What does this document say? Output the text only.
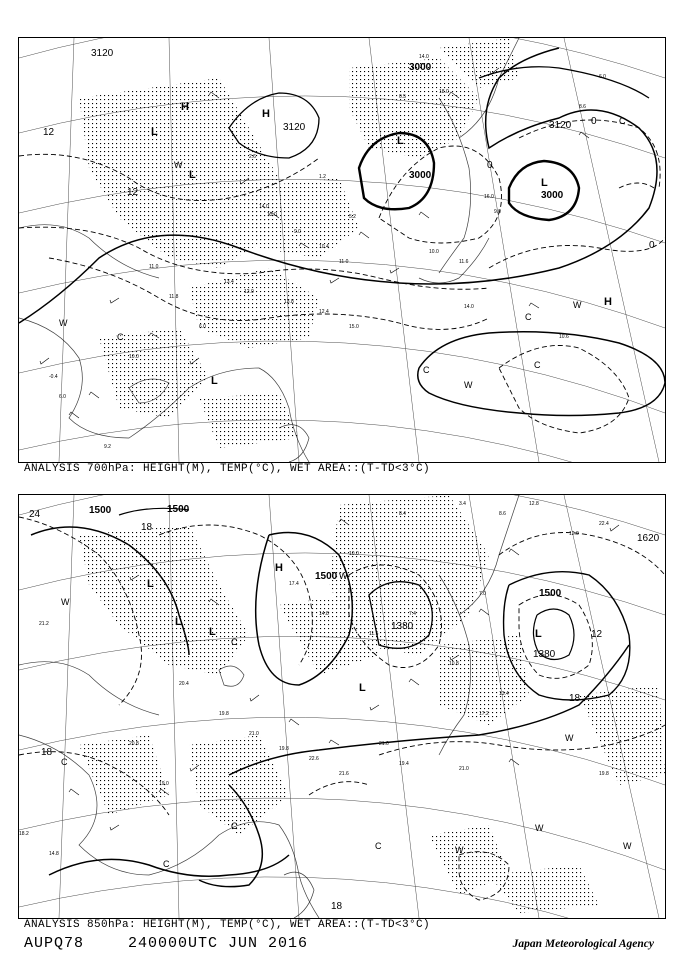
14.0
13.0
9.0
10.4
11.0
13.4
12.0
13.8
12.4
15.0
10.0
11.6
14.0
10.6
0.5
18.0
16.0
9.0
11.0
11.8
6.0
10.0
-0.4
6.0
2.6
1.2
5.2
14.0
6.0
8.6
9.2
3120
3120	3120
3000
3000
3000
12
12
0
0
0
H
H
H
L
L
L
L
L
W
W
W
W
C
C
C
C	C
ANALYSIS 700hPa: HEIGHT(M), TEMP(°C), WET AREA::(T-TD<3°C)
20.4
19.8
21.0
19.8
22.6
21.6
21.0
19.4
21.0
17.2
13.4
10.8
7.4
11.6
14.8
17.4
10.0
7.0
19.8
12.0
22.4
19.0
20.8
21.2
18.2
14.8
3.4
8.6
12.8
8.4
1500	1500
1500
1500
1620
1380
1380
24
18
18
18
18
12
H
L
L
L
L
L
W
W
W
W
W	W
C
C
C
C
C
ANALYSIS 850hPa: HEIGHT(M), TEMP(°C), WET AREA::(T-TD<3°C)
AUPQ78	240000UTC JUN 2016	Japan Meteorological Agency
